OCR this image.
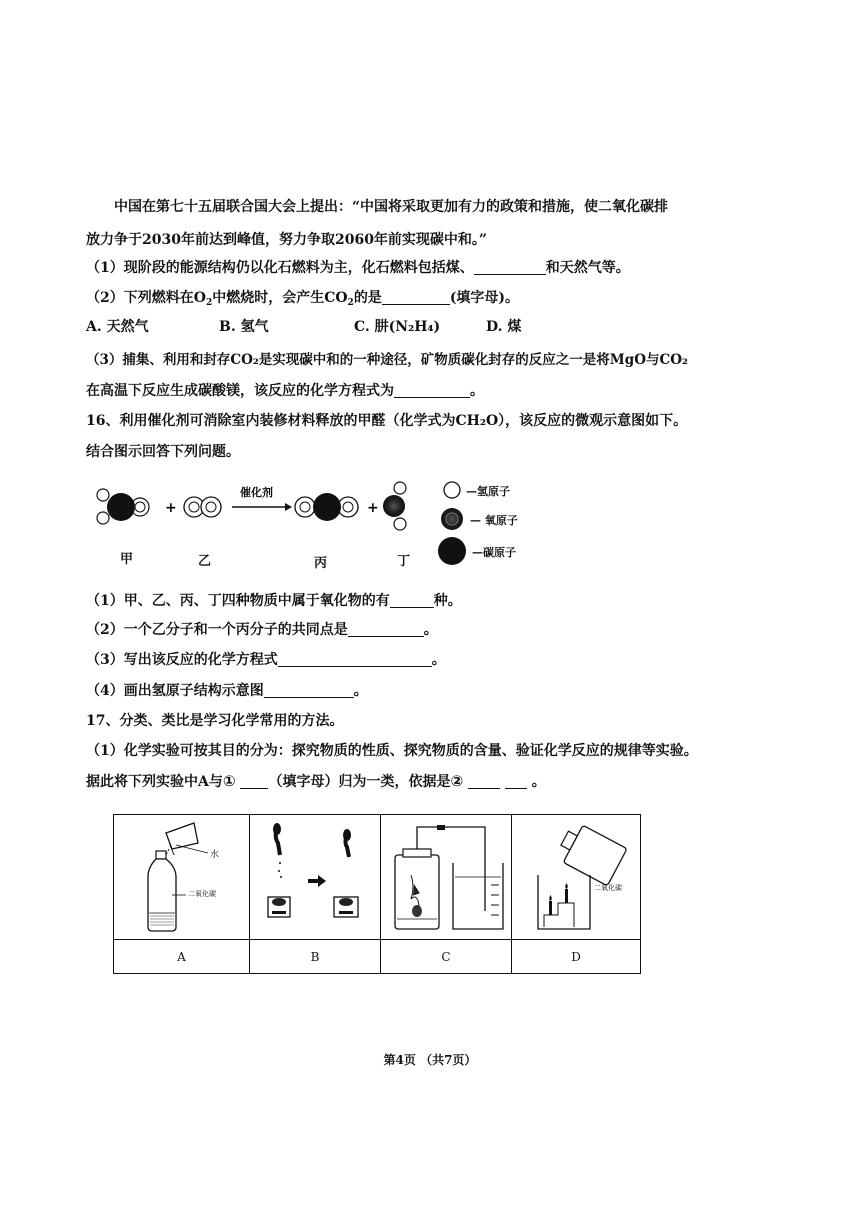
中国在第七十五届联合国大会上提出：“中国将采取更加有力的政策和措施，使二氧化碳排
放力争于2030年前达到峰值，努力争取2060年前实现碳中和。”
（1）现阶段的能源结构仍以化石燃料为主，化石燃料包括煤、	和天然气等。
（2）下列燃料在$O_2$中燃烧时，会产生$CO_2$的是	(填字母)。
A. 天然气	B. 氢气	C. 肼(N₂H₄)	D. 煤
（3）捕集、利用和封存CO₂是实现碳中和的一种途径，矿物质碳化封存的反应之一是将MgO与CO₂
在高温下反应生成碳酸镁，该反应的化学方程式为	。
16、利用催化剂可消除室内装修材料释放的甲醛（化学式为CH₂O），该反应的微观示意图如下。
结合图示回答下列问题。
+
催化剂
+
甲	乙	丙	丁
—氢原子
— 氧原子
—碳原子
（1）甲、乙、丙、丁四种物质中属于氧化物的有	种。
（2）一个乙分子和一个丙分子的共同点是	。
（3）写出该反应的化学方程式	。
（4）画出氢原子结构示意图	。
17、分类、类比是学习化学常用的方法。
（1）化学实验可按其目的分为：探究物质的性质、探究物质的含量、验证化学反应的规律等实验。
据此将下列实验中A与① （填字母）归为一类，依据是②	。
水
二氧化碳			二氧化碳

A	B	C	D
第4页 （共7页）
